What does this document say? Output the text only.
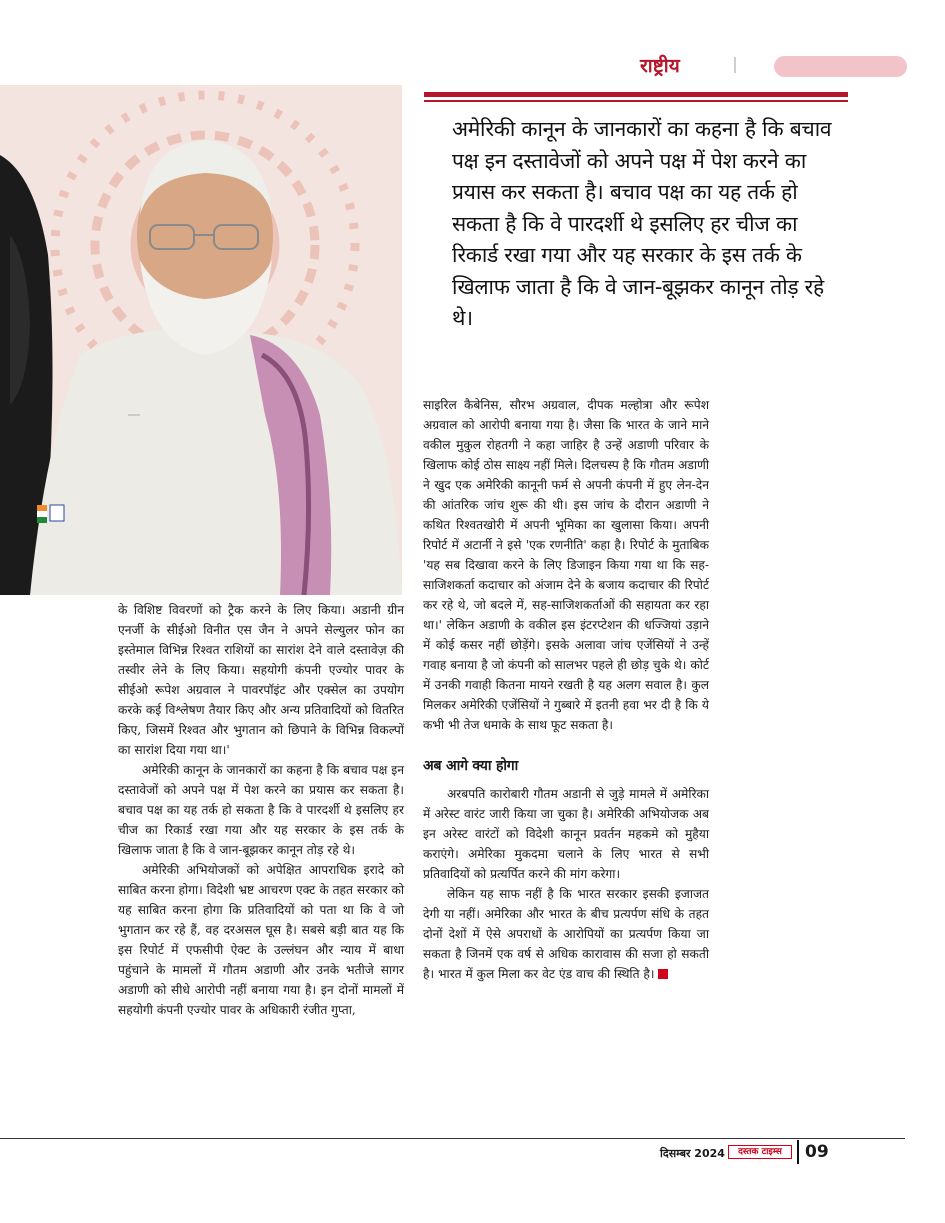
राष्ट्रीय

अमेरिकी कानून के जानकारों का कहना है कि बचाव पक्ष इन दस्तावेजों को अपने पक्ष में पेश करने का प्रयास कर सकता है। बचाव पक्ष का यह तर्क हो सकता है कि वे पारदर्शी थे इसलिए हर चीज का रिकार्ड रखा गया और यह सरकार के इस तर्क के खिलाफ जाता है कि वे जान-बूझकर कानून तोड़ रहे थे।

के विशिष्ट विवरणों को ट्रैक करने के लिए किया। अडानी ग्रीन एनर्जी के सीईओ विनीत एस जैन ने अपने सेल्युलर फोन का इस्तेमाल विभिन्न रिश्वत राशियों का सारांश देने वाले दस्तावेज़ की तस्वीर लेने के लिए किया। सहयोगी कंपनी एज्योर पावर के सीईओ रूपेश अग्रवाल ने पावरपॉइंट और एक्सेल का उपयोग करके कई विश्लेषण तैयार किए और अन्य प्रतिवादियों को वितरित किए, जिसमें रिश्वत और भुगतान को छिपाने के विभिन्न विकल्पों का सारांश दिया गया था।'

अमेरिकी कानून के जानकारों का कहना है कि बचाव पक्ष इन दस्तावेजों को अपने पक्ष में पेश करने का प्रयास कर सकता है। बचाव पक्ष का यह तर्क हो सकता है कि वे पारदर्शी थे इसलिए हर चीज का रिकार्ड रखा गया और यह सरकार के इस तर्क के खिलाफ जाता है कि वे जान-बूझकर कानून तोड़ रहे थे।

अमेरिकी अभियोजकों को अपेक्षित आपराधिक इरादे को साबित करना होगा। विदेशी भ्रष्ट आचरण एक्ट के तहत सरकार को यह साबित करना होगा कि प्रतिवादियों को पता था कि वे जो भुगतान कर रहे हैं, वह दरअसल घूस है। सबसे बड़ी बात यह कि इस रिपोर्ट में एफसीपी ऐक्ट के उल्लंघन और न्याय में बाधा पहुंचाने के मामलों में गौतम अडाणी और उनके भतीजे सागर अडाणी को सीधे आरोपी नहीं बनाया गया है। इन दोनों मामलों में सहयोगी कंपनी एज्योर पावर के अधिकारी रंजीत गुप्ता,

साइरिल कैबेनिस, सौरभ अग्रवाल, दीपक मल्होत्रा और रूपेश अग्रवाल को आरोपी बनाया गया है। जैसा कि भारत के जाने माने वकील मुकुल रोहतगी ने कहा जाहिर है उन्हें अडाणी परिवार के खिलाफ कोई ठोस साक्ष्य नहीं मिले। दिलचस्प है कि गौतम अडाणी ने खुद एक अमेरिकी कानूनी फर्म से अपनी कंपनी में हुए लेन-देन की आंतरिक जांच शुरू की थी। इस जांच के दौरान अडाणी ने कथित रिश्वतखोरी में अपनी भूमिका का खुलासा किया। अपनी रिपोर्ट में अटार्नी ने इसे 'एक रणनीति' कहा है। रिपोर्ट के मुताबिक 'यह सब दिखावा करने के लिए डिजाइन किया गया था कि सह-साजिशकर्ता कदाचार को अंजाम देने के बजाय कदाचार की रिपोर्ट कर रहे थे, जो बदले में, सह-साजिशकर्ताओं की सहायता कर रहा था।' लेकिन अडाणी के वकील इस इंटरप्टेशन की धज्जियां उड़ाने में कोई कसर नहीं छोड़ेंगे। इसके अलावा जांच एजेंसियों ने उन्हें गवाह बनाया है जो कंपनी को सालभर पहले ही छोड़ चुके थे। कोर्ट में उनकी गवाही कितना मायने रखती है यह अलग सवाल है। कुल मिलकर अमेरिकी एजेंसियों ने गुब्बारे में इतनी हवा भर दी है कि ये कभी भी तेज धमाके के साथ फूट सकता है।

अब आगे क्या होगा

अरबपति कारोबारी गौतम अडानी से जुड़े मामले में अमेरिका में अरेस्ट वारंट जारी किया जा चुका है। अमेरिकी अभियोजक अब इन अरेस्ट वारंटों को विदेशी कानून प्रवर्तन महकमे को मुहैया कराएंगे। अमेरिका मुकदमा चलाने के लिए भारत से सभी प्रतिवादियों को प्रत्यर्पित करने की मांग करेगा।

लेकिन यह साफ नहीं है कि भारत सरकार इसकी इजाजत देगी या नहीं। अमेरिका और भारत के बीच प्रत्यर्पण संधि के तहत दोनों देशों में ऐसे अपराधों के आरोपियों का प्रत्यर्पण किया जा सकता है जिनमें एक वर्ष से अधिक कारावास की सजा हो सकती है। भारत में कुल मिला कर वेट एंड वाच की स्थिति है।

दिसम्बर 2024	दस्तक टाइम्स	09
